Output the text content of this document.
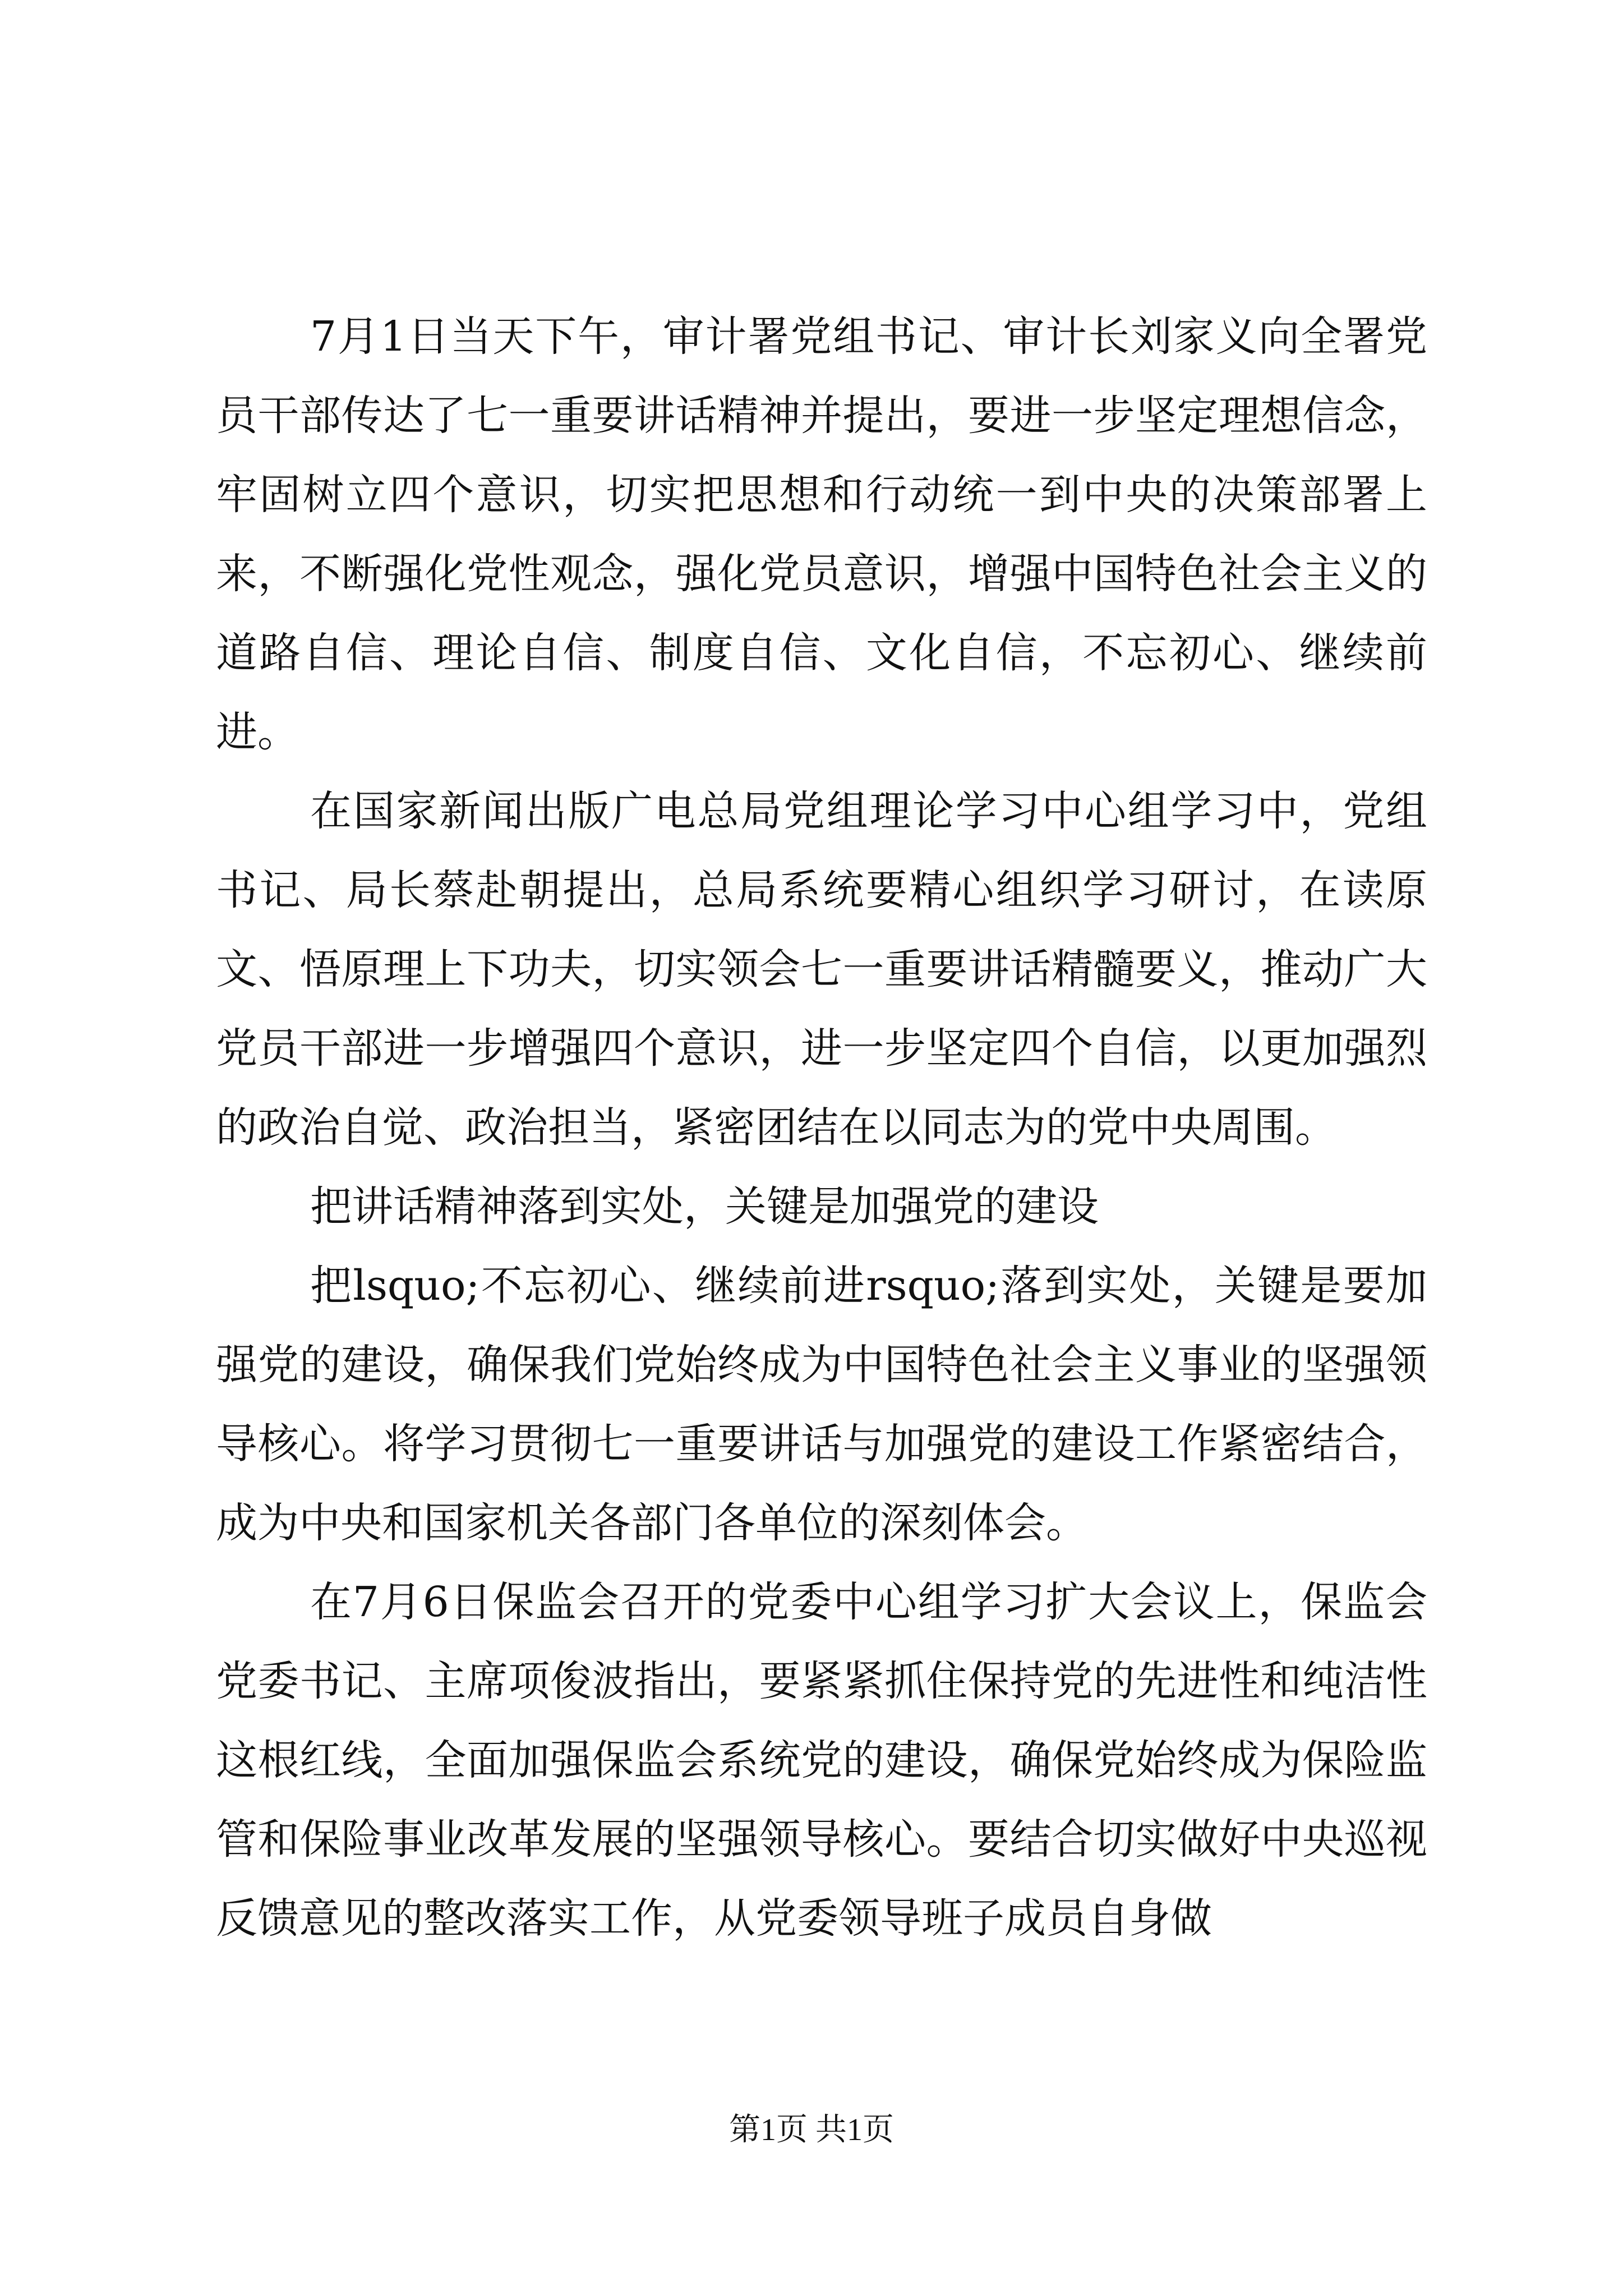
7月1日当天下午，审计署党组书记、审计长刘家义向全署党员干部传达了七一重要讲话精神并提出，要进一步坚定理想信念，牢固树立四个意识，切实把思想和行动统一到中央的决策部署上来，不断强化党性观念，强化党员意识，增强中国特色社会主义的道路自信、理论自信、制度自信、文化自信，不忘初心、继续前进。

在国家新闻出版广电总局党组理论学习中心组学习中，党组书记、局长蔡赴朝提出，总局系统要精心组织学习研讨，在读原文、悟原理上下功夫，切实领会七一重要讲话精髓要义，推动广大党员干部进一步增强四个意识，进一步坚定四个自信，以更加强烈的政治自觉、政治担当，紧密团结在以同志为的党中央周围。

把讲话精神落到实处，关键是加强党的建设

把lsquo;不忘初心、继续前进rsquo;落到实处，关键是要加强党的建设，确保我们党始终成为中国特色社会主义事业的坚强领导核心。将学习贯彻七一重要讲话与加强党的建设工作紧密结合，成为中央和国家机关各部门各单位的深刻体会。

在7月6日保监会召开的党委中心组学习扩大会议上，保监会党委书记、主席项俊波指出，要紧紧抓住保持党的先进性和纯洁性这根红线，全面加强保监会系统党的建设，确保党始终成为保险监管和保险事业改革发展的坚强领导核心。要结合切实做好中央巡视反馈意见的整改落实工作，从党委领导班子成员自身做

第1页 共1页
